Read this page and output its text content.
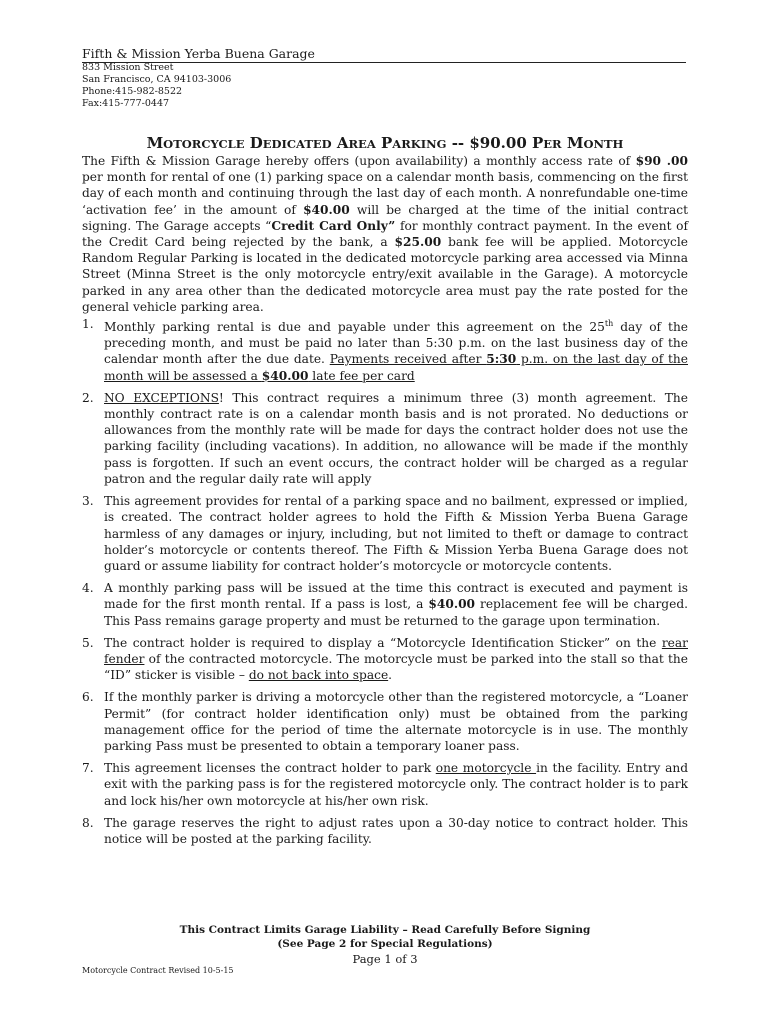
Fifth & Mission Yerba Buena Garage
833 Mission Street
San Francisco, CA 94103-3006
Phone:415-982-8522
Fax:415-777-0447
MOTORCYCLE DEDICATED AREA PARKING -- $90.00 PER MONTH
The Fifth & Mission Garage hereby offers (upon availability) a monthly access rate of $90 .00 per month for rental of one (1) parking space on a calendar month basis, commencing on the first day of each month and continuing through the last day of each month. A nonrefundable one-time ‘activation fee’ in the amount of $40.00 will be charged at the time of the initial contract signing. The Garage accepts “Credit Card Only” for monthly contract payment. In the event of the Credit Card being rejected by the bank, a $25.00 bank fee will be applied. Motorcycle Random Regular Parking is located in the dedicated motorcycle parking area accessed via Minna Street (Minna Street is the only motorcycle entry/exit available in the Garage). A motorcycle parked in any area other than the dedicated motorcycle area must pay the rate posted for the general vehicle parking area.
1. Monthly parking rental is due and payable under this agreement on the 25th day of the preceding month, and must be paid no later than 5:30 p.m. on the last business day of the calendar month after the due date. Payments received after 5:30 p.m. on the last day of the month will be assessed a $40.00 late fee per card
2. NO EXCEPTIONS! This contract requires a minimum three (3) month agreement. The monthly contract rate is on a calendar month basis and is not prorated. No deductions or allowances from the monthly rate will be made for days the contract holder does not use the parking facility (including vacations). In addition, no allowance will be made if the monthly pass is forgotten. If such an event occurs, the contract holder will be charged as a regular patron and the regular daily rate will apply
3. This agreement provides for rental of a parking space and no bailment, expressed or implied, is created. The contract holder agrees to hold the Fifth & Mission Yerba Buena Garage harmless of any damages or injury, including, but not limited to theft or damage to contract holder’s motorcycle or contents thereof. The Fifth & Mission Yerba Buena Garage does not guard or assume liability for contract holder’s motorcycle or motorcycle contents.
4. A monthly parking pass will be issued at the time this contract is executed and payment is made for the first month rental. If a pass is lost, a $40.00 replacement fee will be charged. This Pass remains garage property and must be returned to the garage upon termination.
5. The contract holder is required to display a “Motorcycle Identification Sticker” on the rear fender of the contracted motorcycle. The motorcycle must be parked into the stall so that the “ID” sticker is visible – do not back into space.
6. If the monthly parker is driving a motorcycle other than the registered motorcycle, a “Loaner Permit” (for contract holder identification only) must be obtained from the parking management office for the period of time the alternate motorcycle is in use. The monthly parking Pass must be presented to obtain a temporary loaner pass.
7. This agreement licenses the contract holder to park one motorcycle in the facility. Entry and exit with the parking pass is for the registered motorcycle only. The contract holder is to park and lock his/her own motorcycle at his/her own risk.
8. The garage reserves the right to adjust rates upon a 30-day notice to contract holder. This notice will be posted at the parking facility.
This Contract Limits Garage Liability – Read Carefully Before Signing
(See Page 2 for Special Regulations)
Page 1 of 3
Motorcycle Contract Revised 10-5-15
